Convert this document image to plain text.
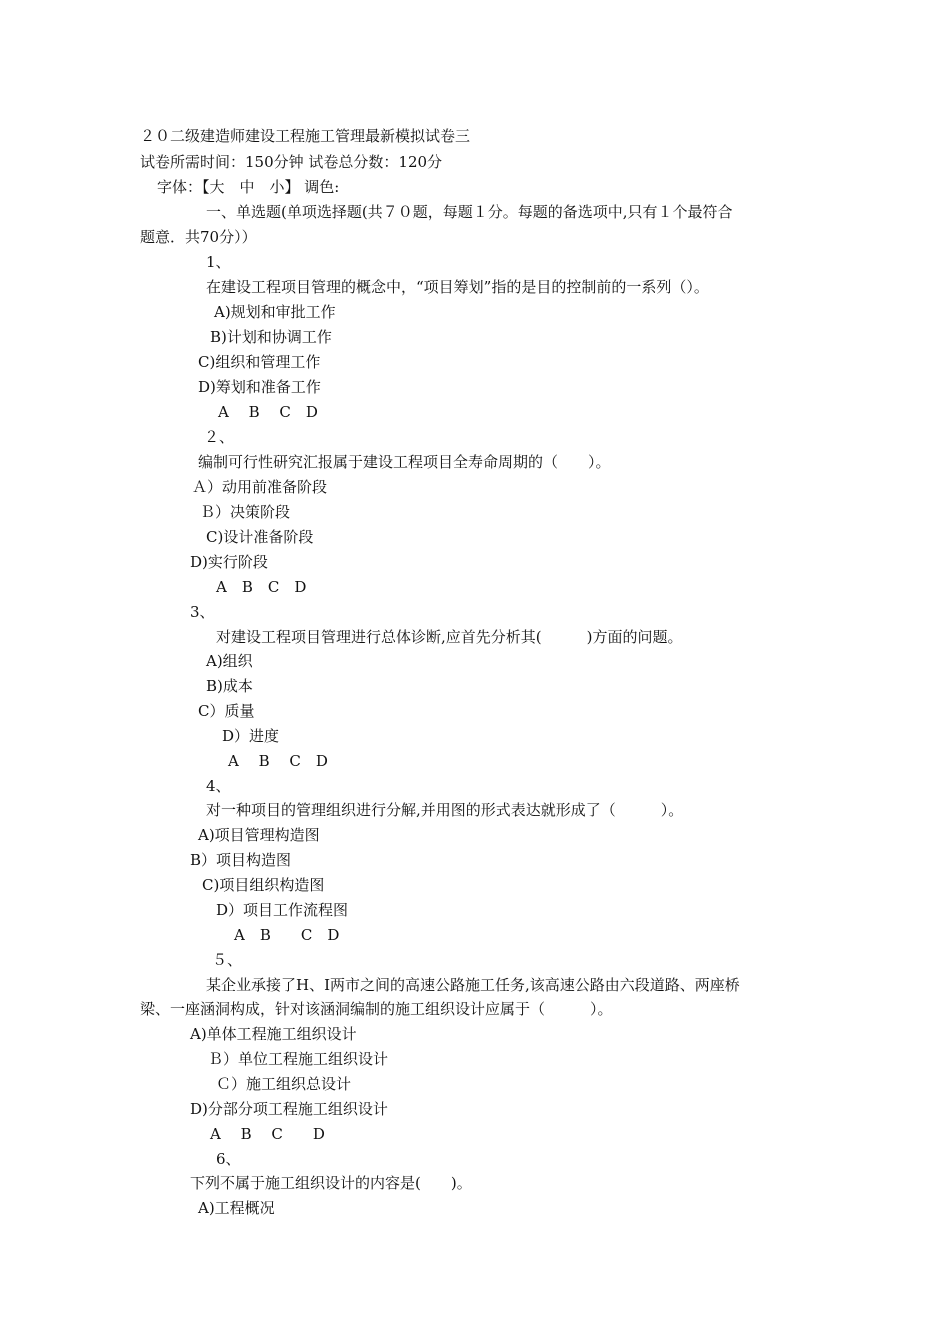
２０二级建造师建设工程施工管理最新模拟试卷三
试卷所需时间：150分钟 试卷总分数：120分
字体：【大　中　小】 调色:
一、单选题(单项选择题(共７０题，每题１分。每题的备选项中,只有１个最符合
题意．共70分））
1、
在建设工程项目管理的概念中，“项目筹划”指的是目的控制前的一系列（）。
A)规划和审批工作
B)计划和协调工作
C)组织和管理工作
D)筹划和准备工作
A　 B　 C　D
２、
编制可行性研究汇报属于建设工程项目全寿命周期的（　　）。
Ａ）动用前准备阶段
Ｂ）决策阶段
C)设计准备阶段
D)实行阶段
A　B　C　D
3、
对建设工程项目管理进行总体诊断,应首先分析其(　　　)方面的问题。
A)组织
B)成本
C）质量
D）进度
A　 B　 C　D
4、
对一种项目的管理组织进行分解,并用图的形式表达就形成了（　　　）。
A)项目管理构造图
B）项目构造图
C)项目组织构造图
D）项目工作流程图
A　B　　C　D
５、
某企业承接了H、I两市之间的高速公路施工任务,该高速公路由六段道路、两座桥
梁、一座涵洞构成，针对该涵洞编制的施工组织设计应属于（　　　）。
A)单体工程施工组织设计
Ｂ）单位工程施工组织设计
Ｃ）施工组织总设计
D)分部分项工程施工组织设计
A　 B　 C　　D
6、
下列不属于施工组织设计的内容是(　　)。
A)工程概况
